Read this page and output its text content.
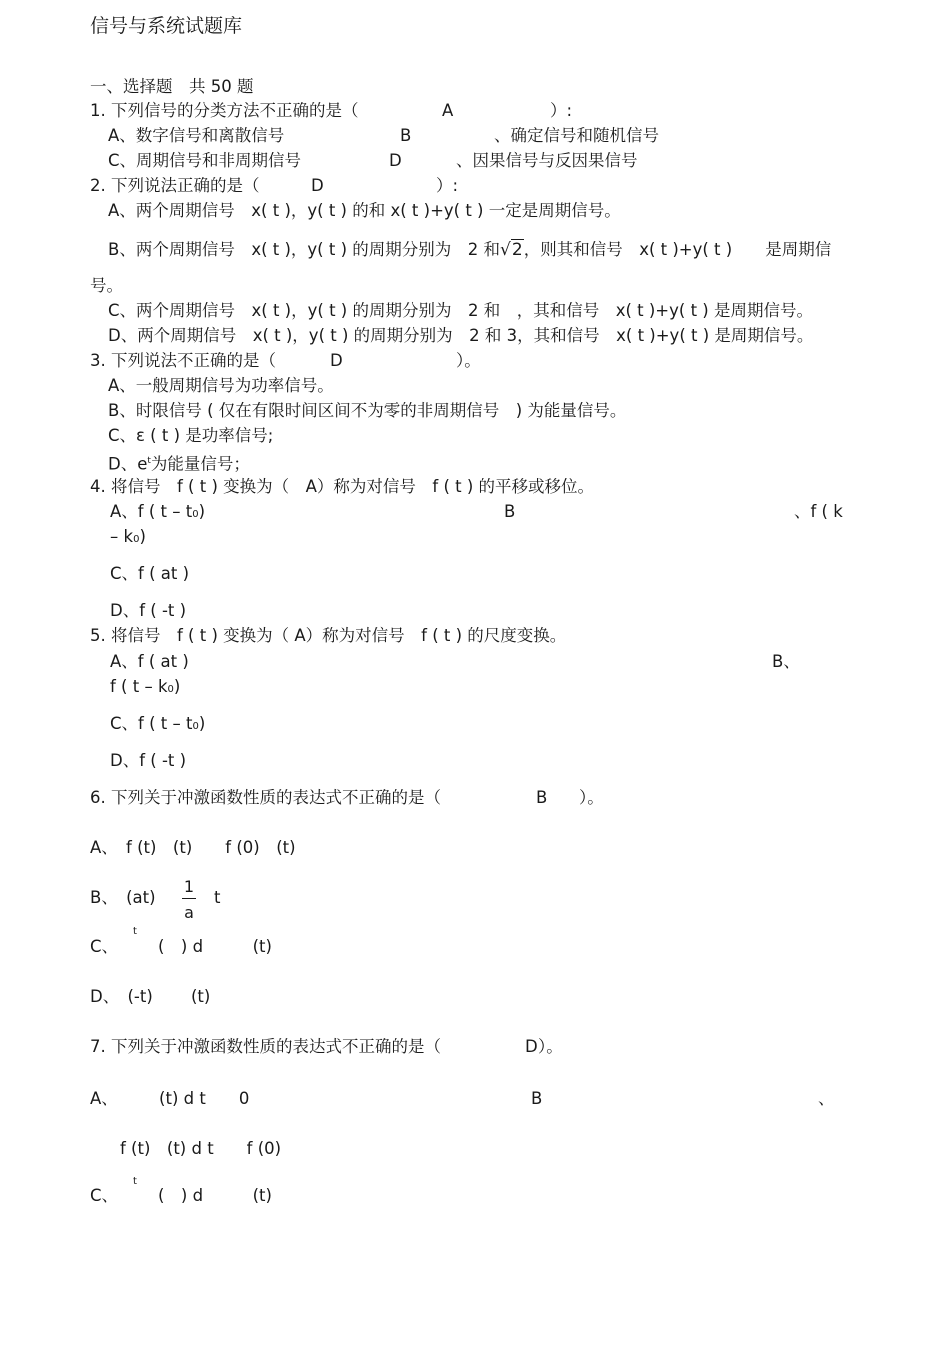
信号与系统试题库
一、选择题　共 50 题
1. 下列信号的分类方法不正确的是（	A	）:
A、数字信号和离散信号	B	、确定信号和随机信号
C、周期信号和非周期信号	D	、因果信号与反因果信号
2. 下列说法正确的是（	D	）:
A、两个周期信号　x( t )，y( t ) 的和 x( t )+y( t ) 一定是周期信号。
B、两个周期信号　x( t )，y( t ) 的周期分别为　2 和√2，则其和信号　x( t )+y( t )　　是周期信
号。
C、两个周期信号　x( t )，y( t ) 的周期分别为　2 和　，其和信号　x( t )+y( t ) 是周期信号。
D、两个周期信号　x( t )，y( t ) 的周期分别为　2 和 3，其和信号　x( t )+y( t ) 是周期信号。
3. 下列说法不正确的是（	D	）。
A、一般周期信号为功率信号。
B、时限信号 ( 仅在有限时间区间不为零的非周期信号　) 为能量信号。
C、ε ( t ) 是功率信号;
D、$e^t$为能量信号；
4. 将信号　f ( t ) 变换为（　A）称为对信号　f ( t ) 的平移或移位。
A、f ( t – t0)	B	、f ( k
– k0)
C、f ( at )
D、f ( -t )
5. 将信号　f ( t ) 变换为（ A）称为对信号　f ( t ) 的尺度变换。
A、f ( at )	B、
f ( t – k0)
C、f ( t – t0)
D、f ( -t )
6. 下列关于冲激函数性质的表达式不正确的是（	B ）。
A、　f (t)　(t)　　f (0)　(t)
B、　(at)
1
a
t
C、
t
(　) d　　　(t)
D、　(-t)　　 (t)
7. 下列关于冲激函数性质的表达式不正确的是（	D ）。
A、　　　(t) d t　　0	B	、
f (t)　(t) d t　　f (0)
C、
t
(　) d　　　(t)
